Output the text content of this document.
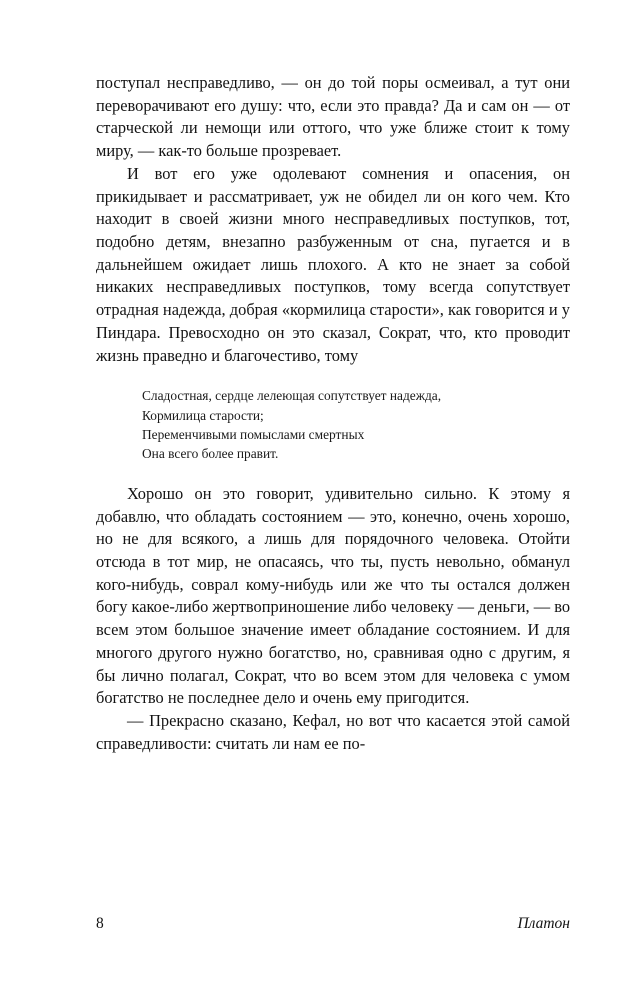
поступал несправедливо, — он до той поры осмеивал, а тут они переворачивают его душу: что, если это правда? Да и сам он — от старческой ли немощи или оттого, что уже ближе стоит к тому миру, — как-то больше прозревает.

И вот его уже одолевают сомнения и опасения, он прикидывает и рассматривает, уж не обидел ли он кого чем. Кто находит в своей жизни много несправедливых поступков, тот, подобно детям, внезапно разбуженным от сна, пугается и в дальнейшем ожидает лишь плохого. А кто не знает за собой никаких несправедливых поступков, тому всегда сопутствует отрадная надежда, добрая «кормилица старости», как говорится и у Пиндара. Превосходно он это сказал, Сократ, что, кто проводит жизнь праведно и благочестиво, тому

Сладостная, сердце лелеющая сопутствует надежда,
Кормилица старости;
Переменчивыми помыслами смертных
Она всего более правит.

Хорошо он это говорит, удивительно сильно. К этому я добавлю, что обладать состоянием — это, конечно, очень хорошо, но не для всякого, а лишь для порядочного человека. Отойти отсюда в тот мир, не опасаясь, что ты, пусть невольно, обманул кого-нибудь, соврал кому-нибудь или же что ты остался должен богу какое-либо жертвоприношение либо человеку — деньги, — во всем этом большое значение имеет обладание состоянием. И для многого другого нужно богатство, но, сравнивая одно с другим, я бы лично полагал, Сократ, что во всем этом для человека с умом богатство не последнее дело и очень ему пригодится.

— Прекрасно сказано, Кефал, но вот что касается этой самой справедливости: считать ли нам ее по-

8	Платон
